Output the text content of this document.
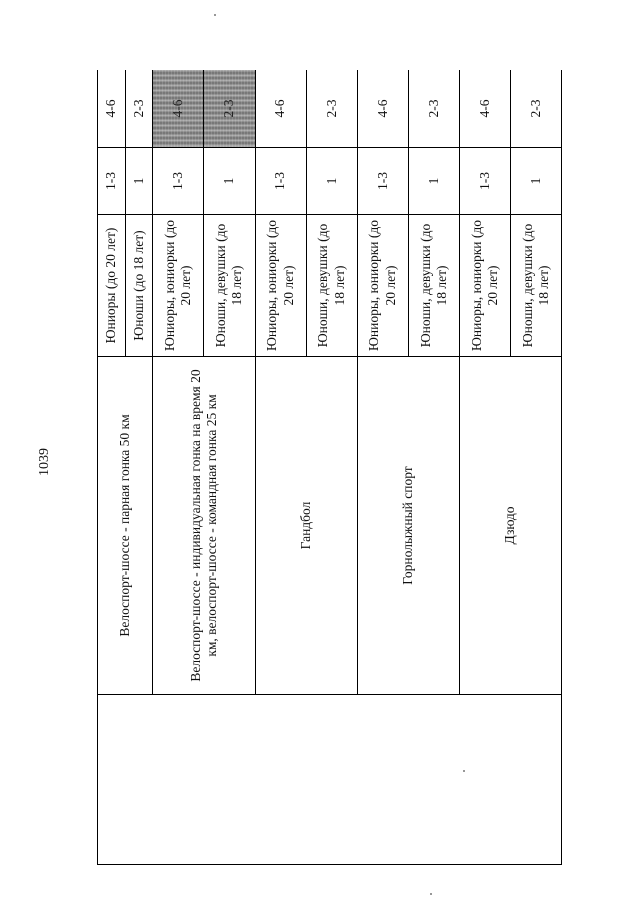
1039
		Велоспорт-шоссе - парная гонка 50 км	Юниоры (до 20 лет)	1-3	4-6
		Юноши (до 18 лет)	1	2-3
	Велоспорт-шоссе - индивидуальная гонка на время 20 км, велоспорт-шоссе - командная гонка 25 км	Юниоры, юниорки (до 20 лет)	1-3	4-6
		Юноши, девушки (до 18 лет)	1	2-3
	Гандбол	Юниоры, юниорки (до 20 лет)	1-3	4-6
		Юноши, девушки (до 18 лет)	1	2-3
	Горнолыжный спорт	Юниоры, юниорки (до 20 лет)	1-3	4-6
		Юноши, девушки (до 18 лет)	1	2-3
	Дзюдо	Юниоры, юниорки (до 20 лет)	1-3	4-6
		Юноши, девушки (до 18 лет)	1	2-3
